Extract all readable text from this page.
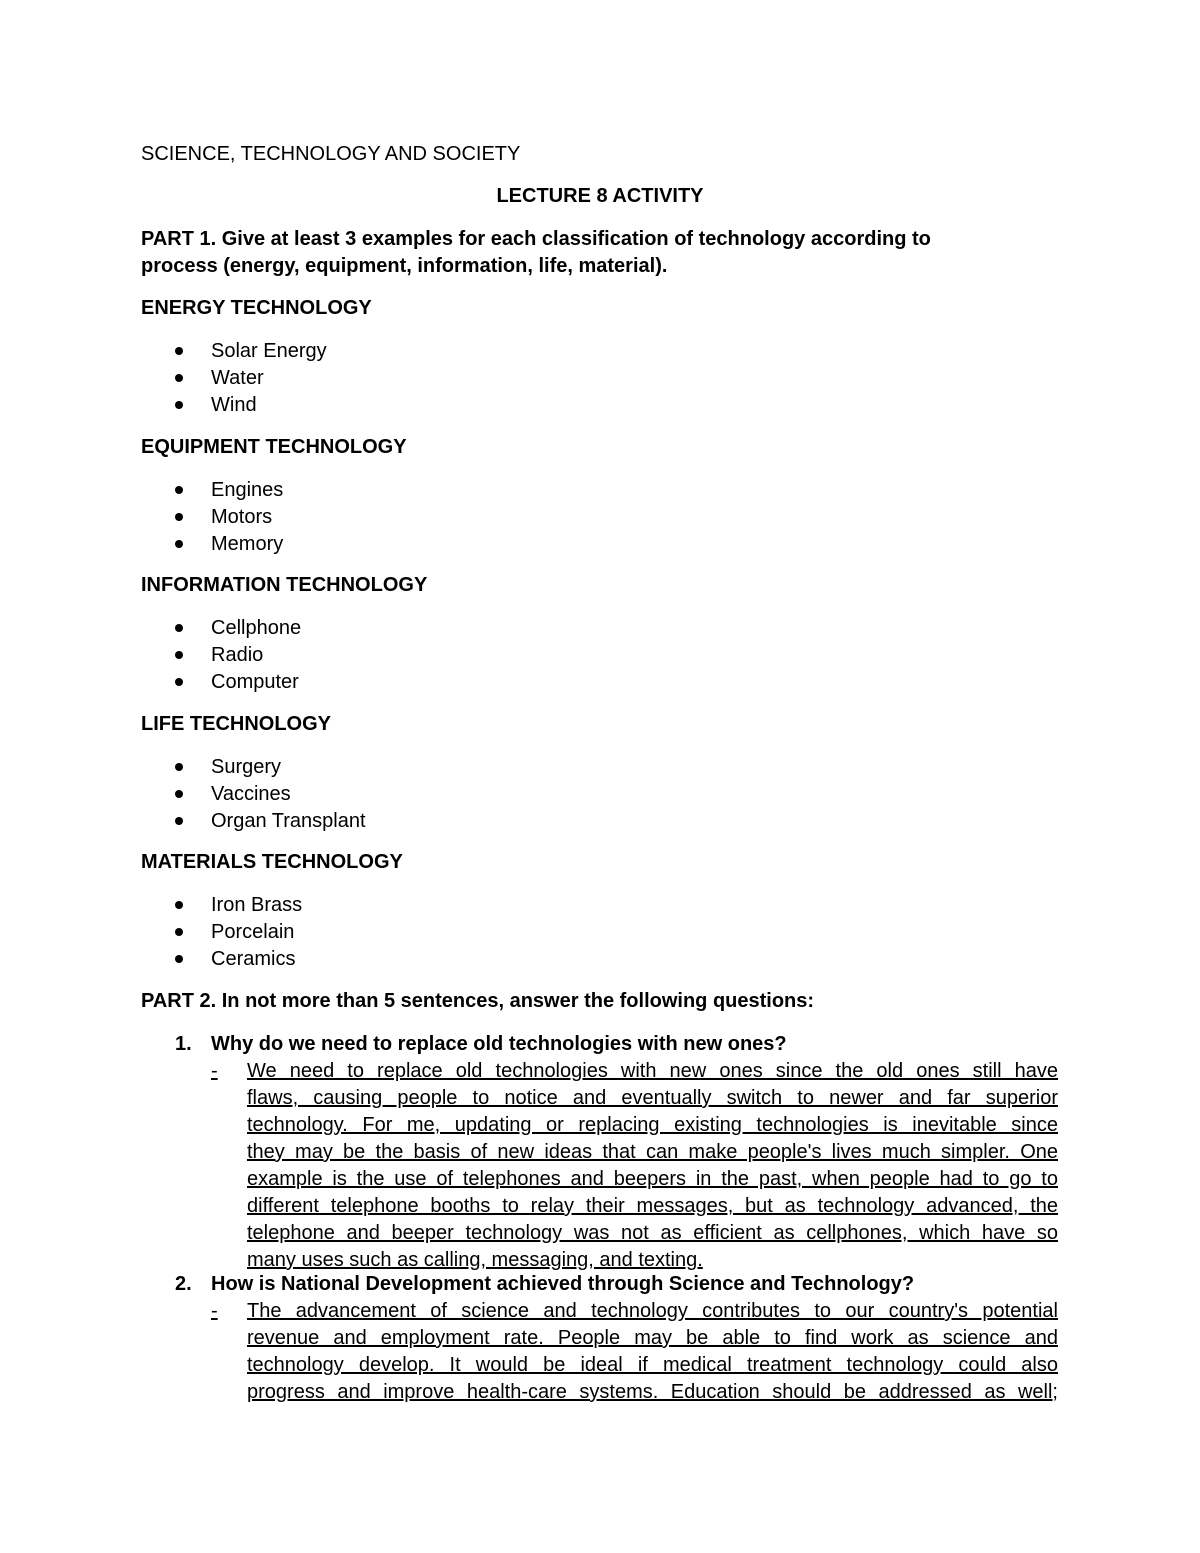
SCIENCE, TECHNOLOGY AND SOCIETY
LECTURE 8 ACTIVITY
PART 1. Give at least 3 examples for each classification of technology according to
process (energy, equipment, information, life, material).
ENERGY TECHNOLOGY
Solar Energy
Water
Wind
EQUIPMENT TECHNOLOGY
Engines
Motors
Memory
INFORMATION TECHNOLOGY
Cellphone
Radio
Computer
LIFE TECHNOLOGY
Surgery
Vaccines
Organ Transplant
MATERIALS TECHNOLOGY
Iron Brass
Porcelain
Ceramics
PART 2. In not more than 5 sentences, answer the following questions:
1. Why do we need to replace old technologies with new ones?
- We need to replace old technologies with new ones since the old ones still have
flaws, causing people to notice and eventually switch to newer and far superior
technology. For me, updating or replacing existing technologies is inevitable since
they may be the basis of new ideas that can make people's lives much simpler. One
example is the use of telephones and beepers in the past, when people had to go to
different telephone booths to relay their messages, but as technology advanced, the
telephone and beeper technology was not as efficient as cellphones, which have so
many uses such as calling, messaging, and texting.
2. How is National Development achieved through Science and Technology?
- The advancement of science and technology contributes to our country's potential
revenue and employment rate. People may be able to find work as science and
technology develop. It would be ideal if medical treatment technology could also
progress and improve health-care systems. Education should be addressed as well;
